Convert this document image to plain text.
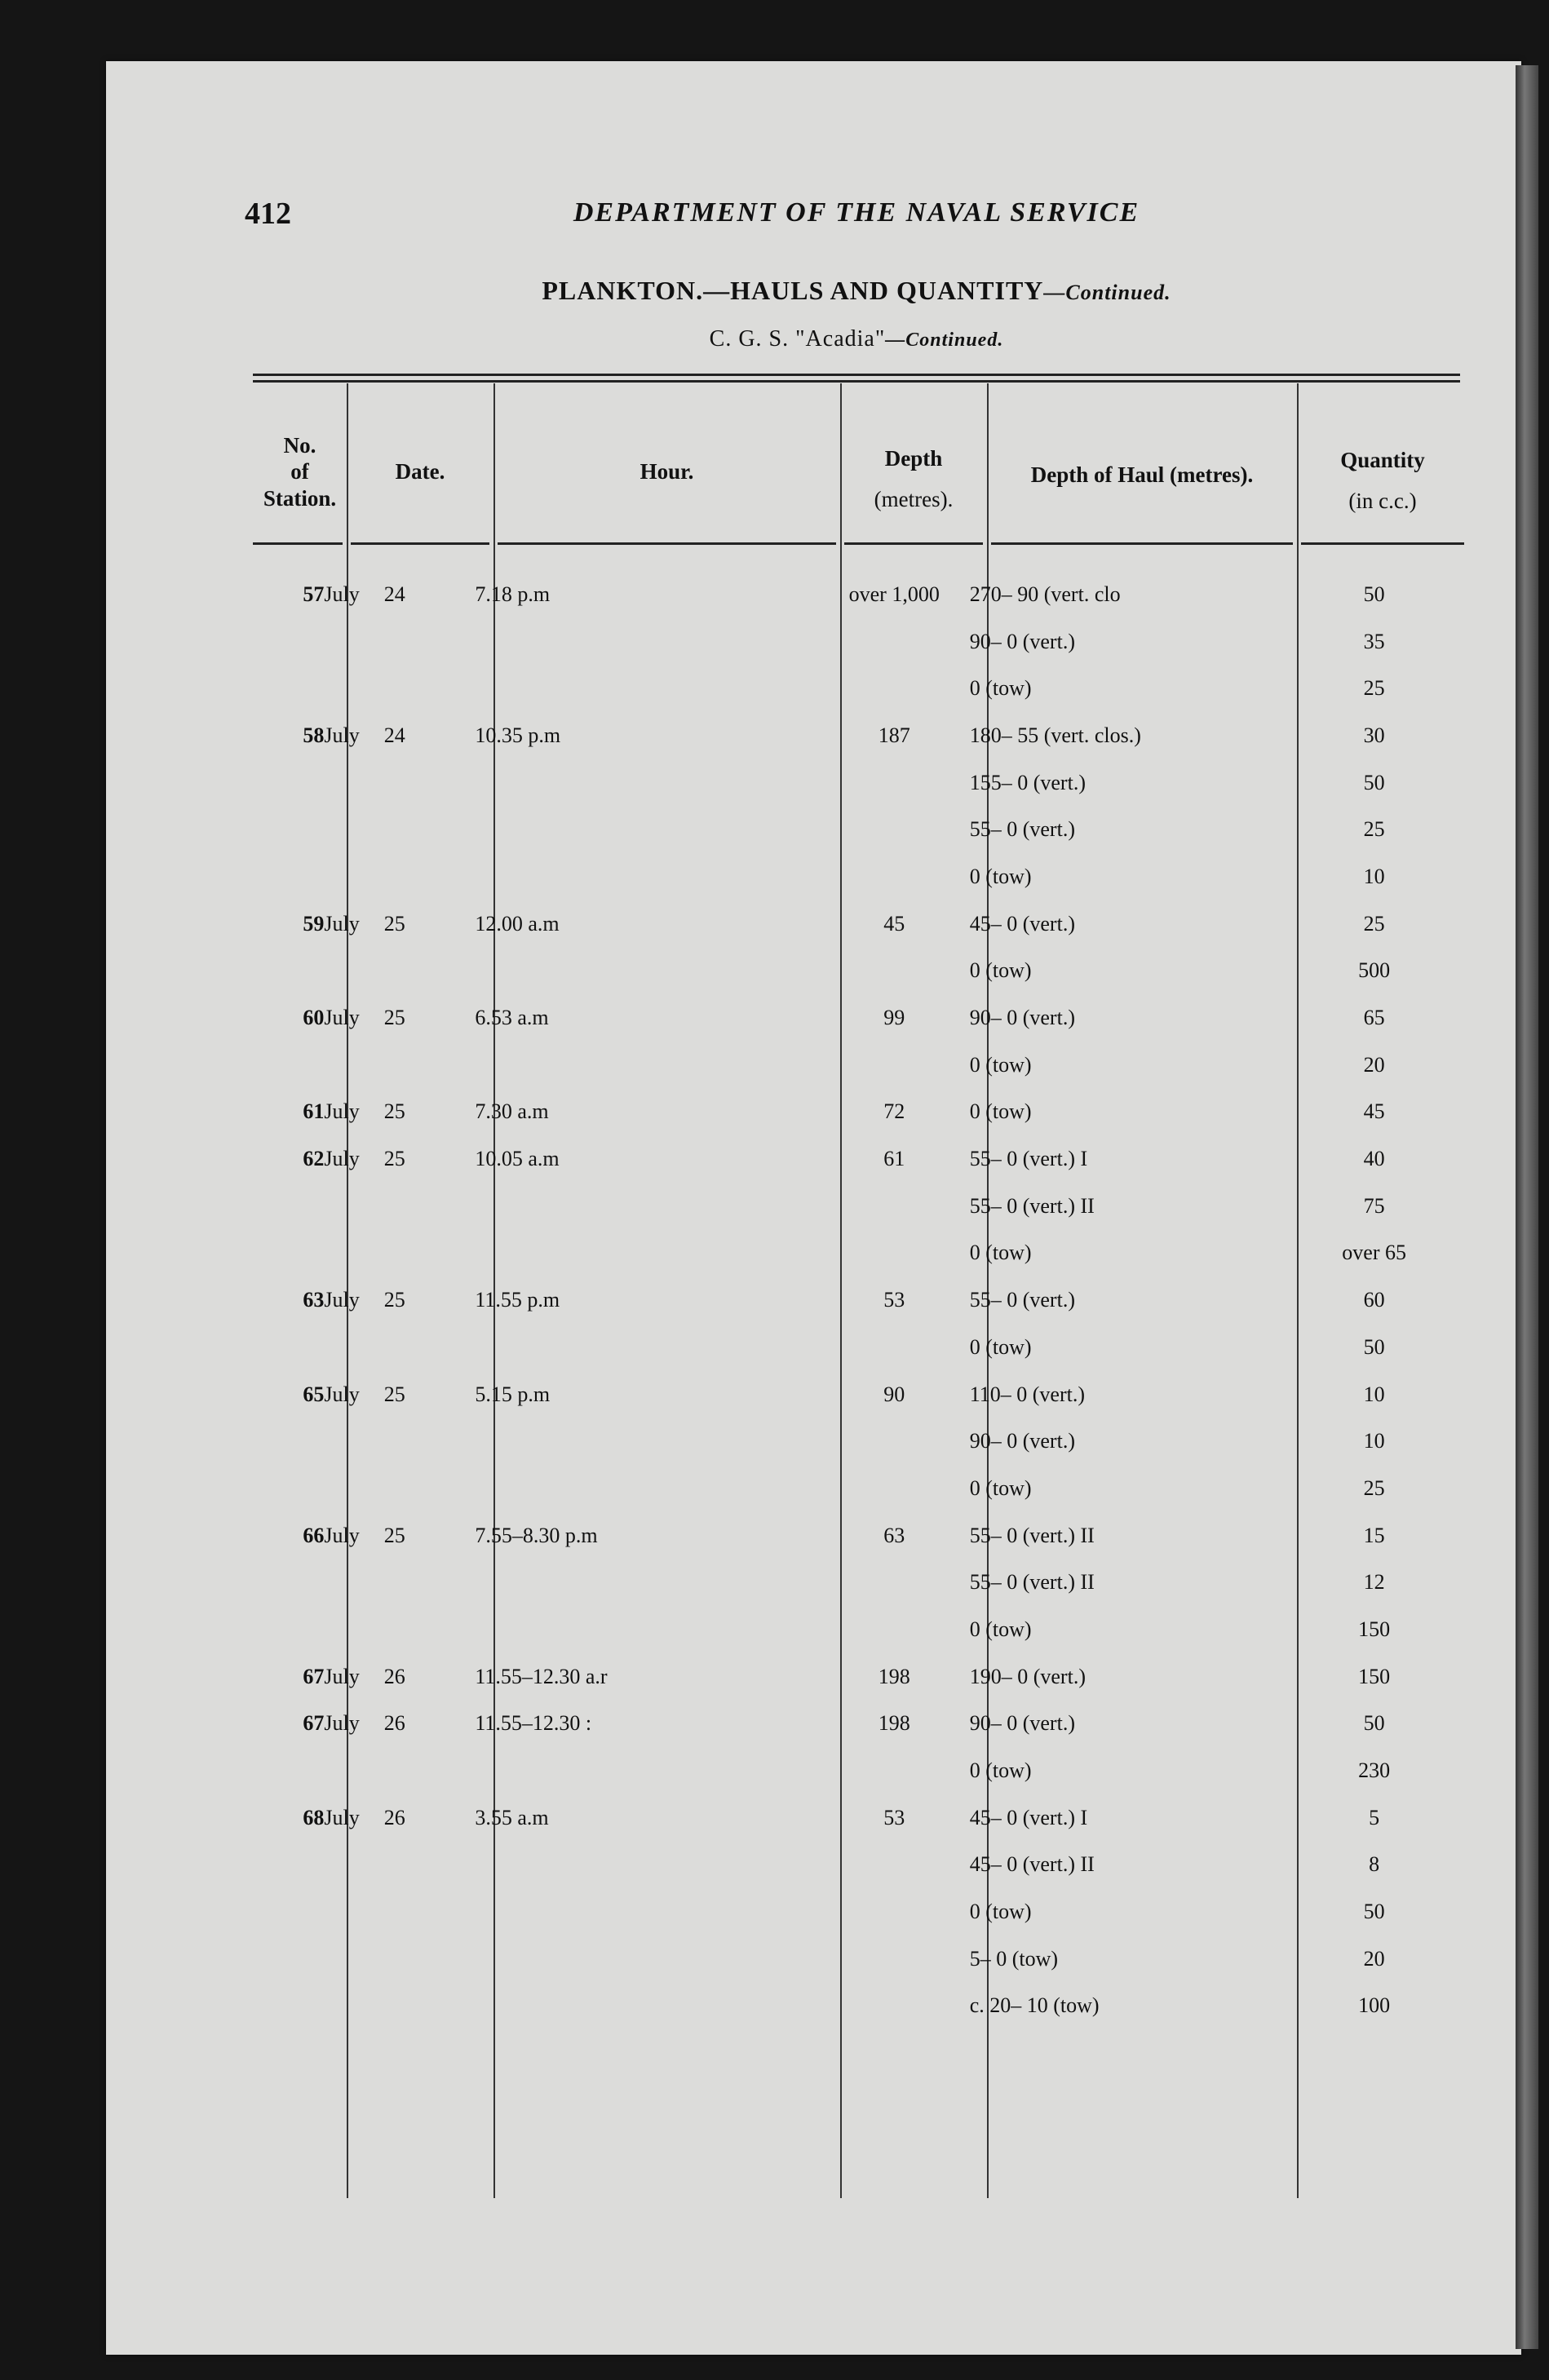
412	DEPARTMENT OF THE NAVAL SERVICE
PLANKTON.—HAULS AND QUANTITY—Continued.
C. G. S. "Acadia"—Continued.
No.
of
Station.
Date.	Hour.
Depth
(metres).
Depth of Haul (metres).
Quantity
(in c.c.)
57	July 24	7.18 p.m	over 1,000	270– 90 (vert. clo	50
				90– 0 (vert.)	35
				0 (tow)	25
58	July 24	10.35 p.m	187	180– 55 (vert. clos.)	30
				155– 0 (vert.)	50
				55– 0 (vert.)	25
				0 (tow)	10
59	July 25	12.00 a.m	45	45– 0 (vert.)	25
				0 (tow)	500
60	July 25	6.53 a.m	99	90– 0 (vert.)	65
				0 (tow)	20
61	July 25	7.30 a.m	72	0 (tow)	45
62	July 25	10.05 a.m	61	55– 0 (vert.) I	40
				55– 0 (vert.) II	75
				0 (tow)	over 65
63	July 25	11.55 p.m	53	55– 0 (vert.)	60
				0 (tow)	50
65	July 25	5.15 p.m	90	110– 0 (vert.)	10
				90– 0 (vert.)	10
				0 (tow)	25
66	July 25	7.55–8.30 p.m	63	55– 0 (vert.) II	15
				55– 0 (vert.) II	12
				0 (tow)	150
67	July 26	11.55–12.30 a.r	198	190– 0 (vert.)	150
67	July 26	11.55–12.30 :	198	90– 0 (vert.)	50
				0 (tow)	230
68	July 26	3.55 a.m	53	45– 0 (vert.) I	5
				45– 0 (vert.) II	8
				0 (tow)	50
				5– 0 (tow)	20
				c. 20– 10 (tow)	100
